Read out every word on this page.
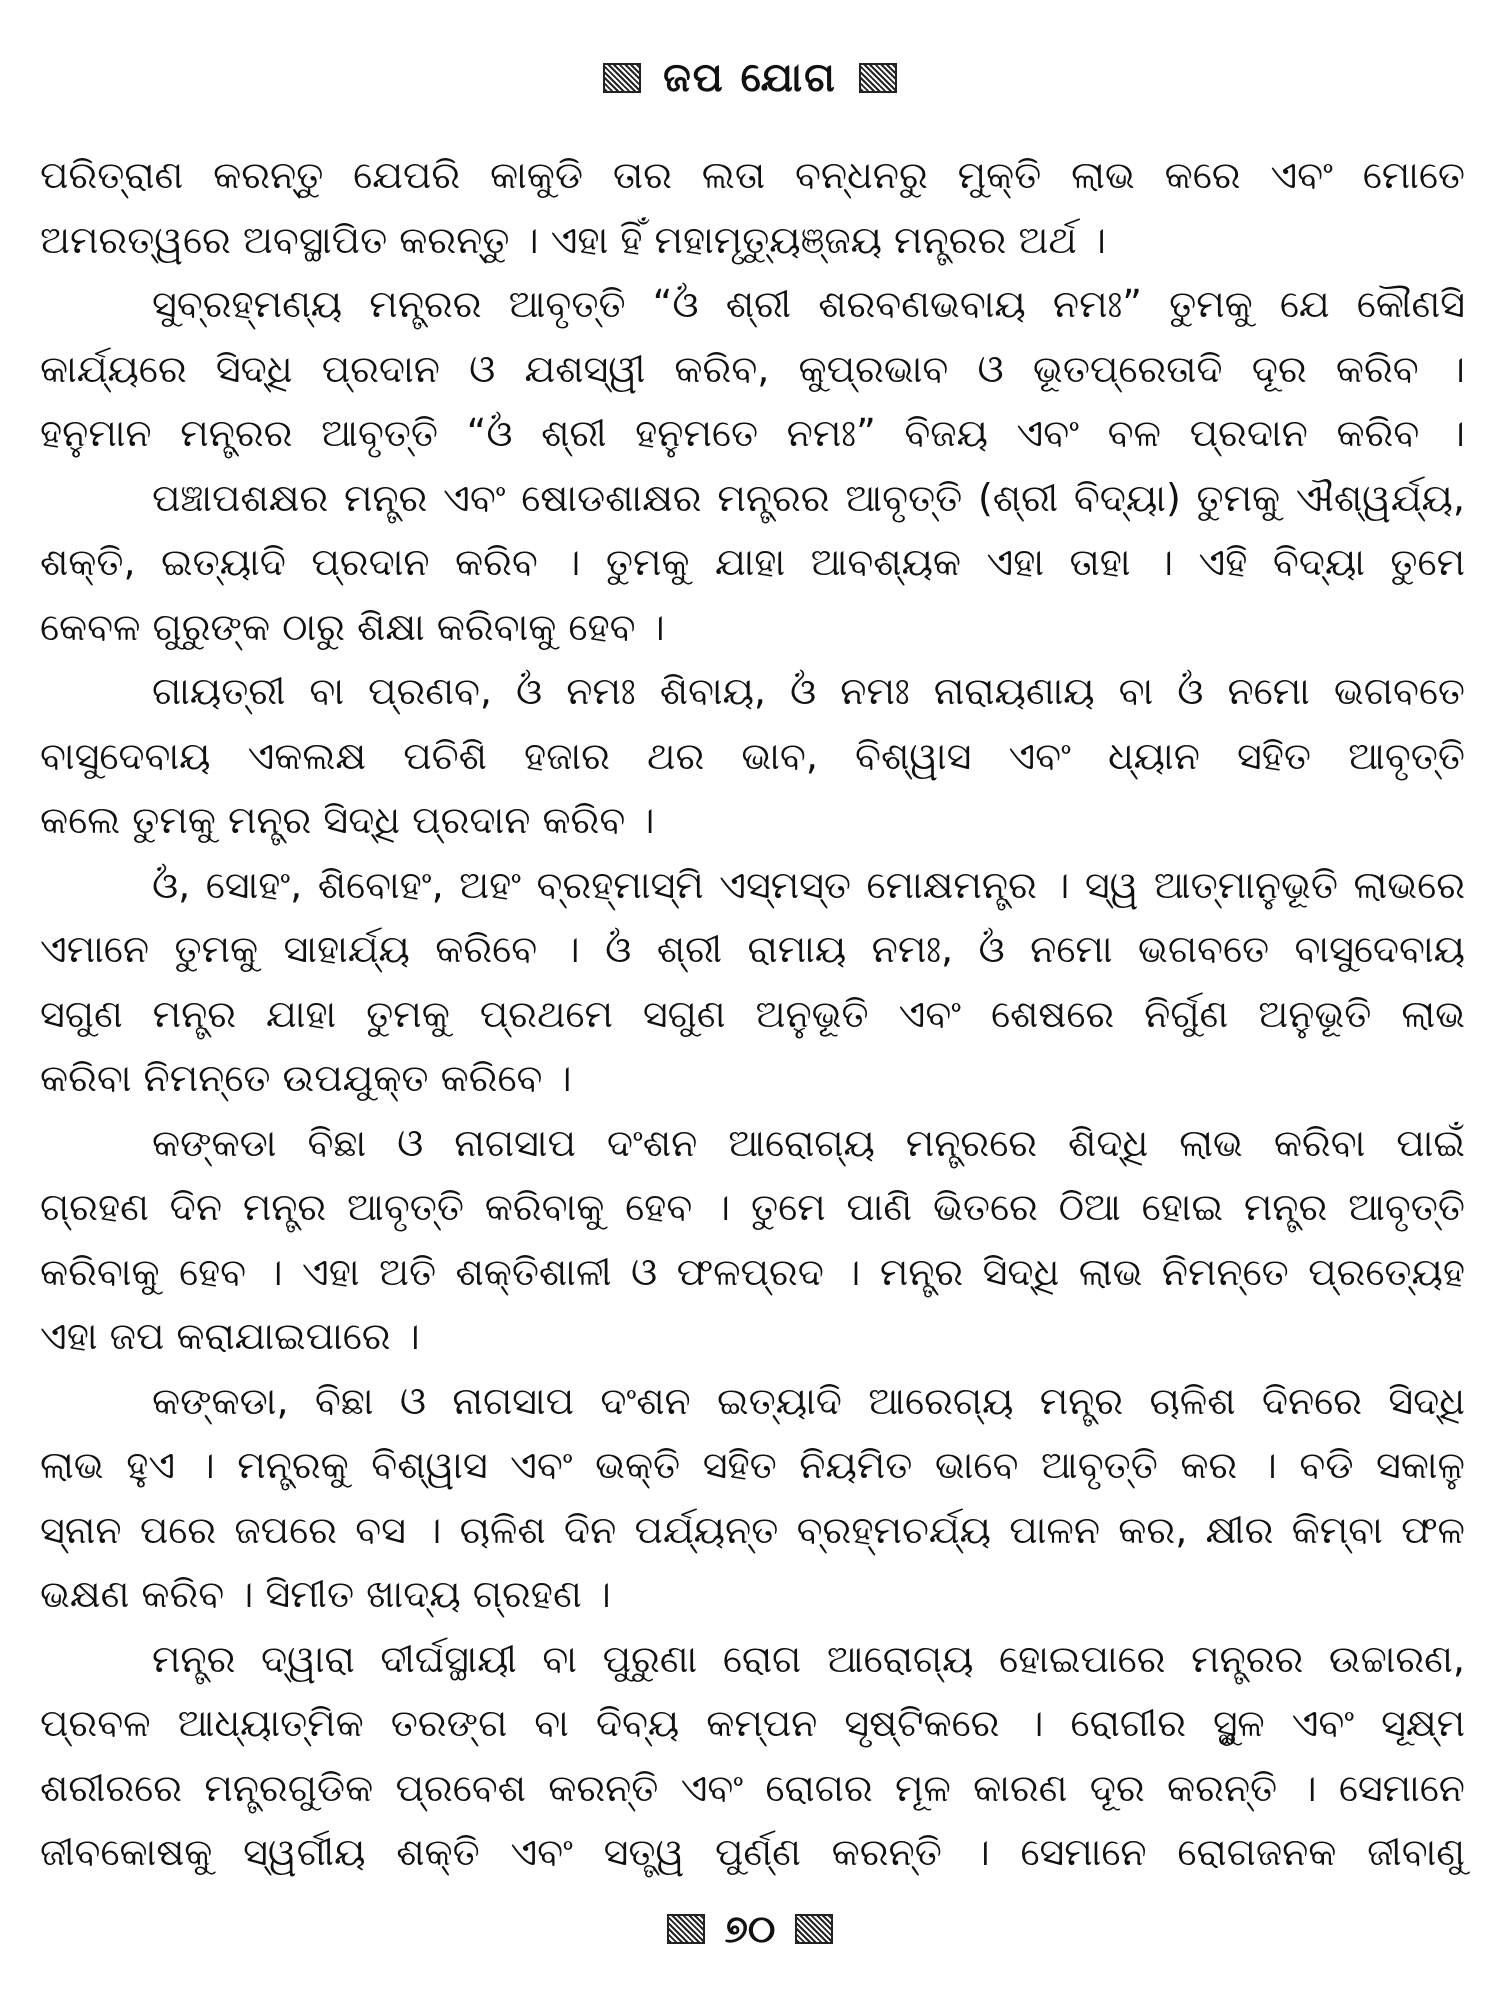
ଜପ ଯୋଗ
ପରିତ୍ରାଣ କରନ୍ତୁ ଯେପରି କାକୁଡି ତାର ଲତା ବନ୍ଧନରୁ ମୁକ୍ତି ଲାଭ କରେ ଏବଂ ମୋତେ
ଅମରତ୍ୱରେ ଅବସ୍ଥାପିତ କରନ୍ତୁ । ଏହା ହିଁ ମହାମୃତ୍ୟୁଞ୍ଜୟ ମନ୍ତ୍ରର ଅର୍ଥ ।
ସୁବ୍ରହ୍ମଣ୍ୟ ମନ୍ତ୍ରର ଆବୃତ୍ତି “ଓଁ ଶ୍ରୀ ଶରବଣଭବାୟ ନମଃ” ତୁମକୁ ଯେ କୌଣସି
କାର୍ଯ୍ୟରେ ସିଦ୍ଧି ପ୍ରଦାନ ଓ ଯଶସ୍ୱୀ କରିବ, କୁପ୍ରଭାବ ଓ ଭୂତପ୍ରେତାଦି ଦୂର କରିବ ।
ହନୁମାନ ମନ୍ତ୍ରର ଆବୃତ୍ତି “ଓଁ ଶ୍ରୀ ହନୁମତେ ନମଃ” ବିଜୟ ଏବଂ ବଳ ପ୍ରଦାନ କରିବ ।
ପଞ୍ଚାପଶକ୍ଷର ମନ୍ତ୍ର ଏବଂ ଷୋଡଶାକ୍ଷର ମନ୍ତ୍ରର ଆବୃତ୍ତି (ଶ୍ରୀ ବିଦ୍ୟା) ତୁମକୁ ଐଶ୍ୱର୍ଯ୍ୟ,
ଶକ୍ତି, ଇତ୍ୟାଦି ପ୍ରଦାନ କରିବ । ତୁମକୁ ଯାହା ଆବଶ୍ୟକ ଏହା ତାହା । ଏହି ବିଦ୍ୟା ତୁମେ
କେବଳ ଗୁରୁଙ୍କ ଠାରୁ ଶିକ୍ଷା କରିବାକୁ ହେବ ।
ଗାୟତ୍ରୀ ବା ପ୍ରଣବ, ଓଁ ନମଃ ଶିବାୟ, ଓଁ ନମଃ ନାରାୟଣାୟ ବା ଓଁ ନମୋ ଭଗବତେ
ବାସୁଦେବାୟ ଏକଲକ୍ଷ ପଚିଶି ହଜାର ଥର ଭାବ, ବିଶ୍ୱାସ ଏବଂ ଧ୍ୟାନ ସହିତ ଆବୃତ୍ତି
କଲେ ତୁମକୁ ମନ୍ତ୍ର ସିଦ୍ଧି ପ୍ରଦାନ କରିବ ।
ଓଁ, ସୋହଂ, ଶିବୋହଂ, ଅହଂ ବ୍ରହ୍ମାସ୍ମି ଏସ୍ମସ୍ତ ମୋକ୍ଷମନ୍ତ୍ର । ସ୍ୱ ଆତ୍ମାନୁଭୂତି ଲାଭରେ
ଏମାନେ ତୁମକୁ ସାହାର୍ଯ୍ୟ କରିବେ । ଓଁ ଶ୍ରୀ ରାମାୟ ନମଃ, ଓଁ ନମୋ ଭଗବତେ ବାସୁଦେବାୟ
ସଗୁଣ ମନ୍ତ୍ର ଯାହା ତୁମକୁ ପ୍ରଥମେ ସଗୁଣ ଅନୁଭୂତି ଏବଂ ଶେଷରେ ନିର୍ଗୁଣ ଅନୁଭୂତି ଲାଭ
କରିବା ନିମନ୍ତେ ଉପଯୁକ୍ତ କରିବେ ।
କଙ୍କଡା ବିଛା ଓ ନାଗସାପ ଦଂଶନ ଆରୋଗ୍ୟ ମନ୍ତ୍ରରେ ଶିଦ୍ଧି ଲାଭ କରିବା ପାଇଁ
ଗ୍ରହଣ ଦିନ ମନ୍ତ୍ର ଆବୃତ୍ତି କରିବାକୁ ହେବ । ତୁମେ ପାଣି ଭିତରେ ଠିଆ ହୋଇ ମନ୍ତ୍ର ଆବୃତ୍ତି
କରିବାକୁ ହେବ । ଏହା ଅତି ଶକ୍ତିଶାଳୀ ଓ ଫଳପ୍ରଦ । ମନ୍ତ୍ର ସିଦ୍ଧି ଲାଭ ନିମନ୍ତେ ପ୍ରତ୍ୟେହ
ଏହା ଜପ କରାଯାଇପାରେ ।
କଙ୍କଡା, ବିଛା ଓ ନାଗସାପ ଦଂଶନ ଇତ୍ୟାଦି ଆରେଗ୍ୟ ମନ୍ତ୍ର ଚାଳିଶ ଦିନରେ ସିଦ୍ଧି
ଲାଭ ହୁଏ । ମନ୍ତ୍ରକୁ ବିଶ୍ୱାସ ଏବଂ ଭକ୍ତି ସହିତ ନିୟମିତ ଭାବେ ଆବୃତ୍ତି କର । ବଡି ସକାଳୁ
ସ୍ନାନ ପରେ ଜପରେ ବସ । ଚାଳିଶ ଦିନ ପର୍ଯ୍ୟନ୍ତ ବ୍ରହ୍ମଚର୍ଯ୍ୟ ପାଳନ କର, କ୍ଷୀର କିମ୍ବା ଫଳ
ଭକ୍ଷଣ କରିବ । ସିମୀତ ଖାଦ୍ୟ ଗ୍ରହଣ ।
ମନ୍ତ୍ର ଦ୍ୱାରା ଦୀର୍ଘସ୍ଥାୟୀ ବା ପୁରୁଣା ରୋଗ ଆରୋଗ୍ୟ ହୋଇପାରେ ମନ୍ତ୍ରର ଉଚ୍ଚାରଣ,
ପ୍ରବଳ ଆଧ୍ୟାତ୍ମିକ ତରଙ୍ଗ ବା ଦିବ୍ୟ କମ୍ପନ ସୃଷ୍ଟିକରେ । ରୋଗୀର ସ୍ଥୁଳ ଏବଂ ସୂକ୍ଷ୍ମ
ଶରୀରରେ ମନ୍ତ୍ରଗୁଡିକ ପ୍ରବେଶ କରନ୍ତି ଏବଂ ରୋଗର ମୂଳ କାରଣ ଦୂର କରନ୍ତି । ସେମାନେ
ଜୀବକୋଷକୁ ସ୍ୱର୍ଗୀୟ ଶକ୍ତି ଏବଂ ସତ୍ତ୍ୱ ପୁର୍ଣ୍ଣ କରନ୍ତି । ସେମାନେ ରୋଗଜନକ ଜୀବାଣୁ
୭୦
